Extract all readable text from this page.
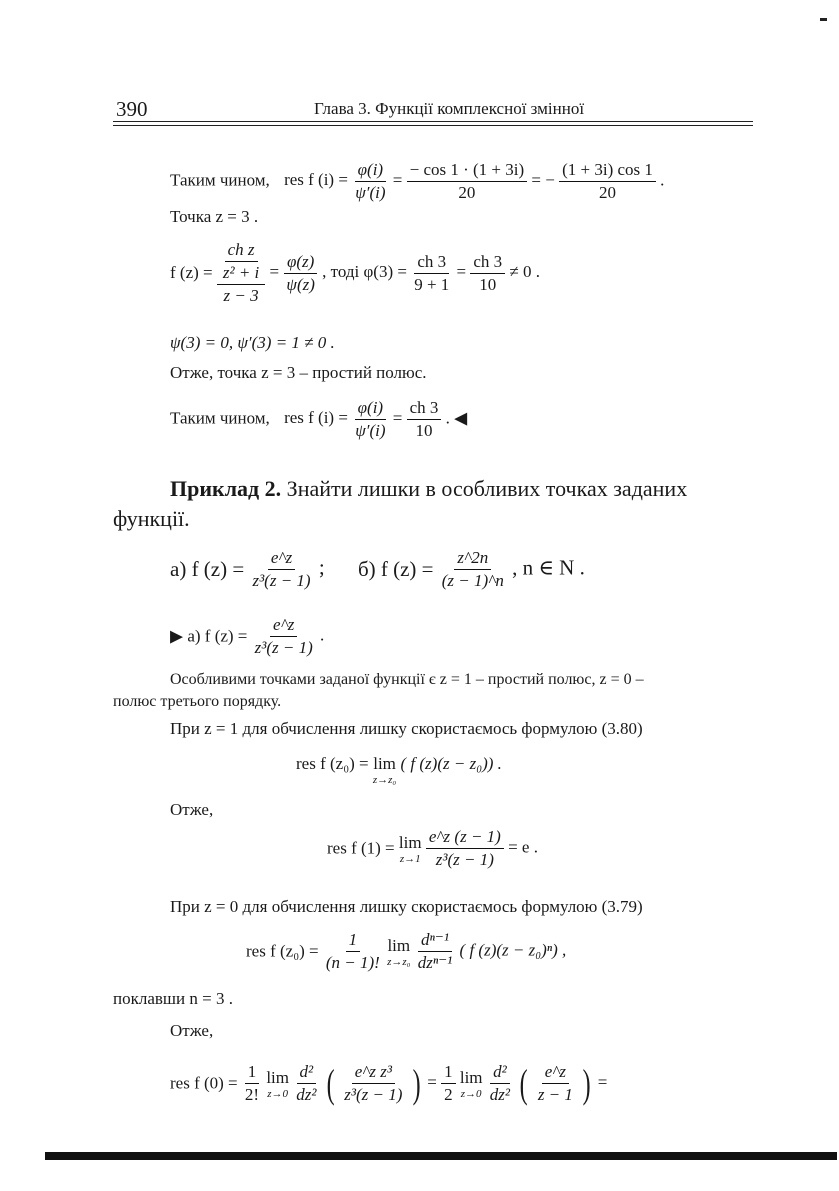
390	Глава 3. Функції комплексної змінної
Таким чином, res f $(i) = \frac{\varphi(i)}{\psi'(i)} = \frac{- \cos 1 \cdot (1 + 3i)}{20}$ = − $\frac{(1 + 3i) \cos 1}{20}$ .
Точка z = 3 .
f $(z) = \frac{\frac{\text{ch z}}{\text{z² + i}}}{z - 3} = \frac{\varphi(z)}{\psi(z)}$ , тоді $\varphi(3) = \frac{ch 3}{9 + 1} = \frac{ch 3}{10} \ne 0$ .
ψ(3) = 0, ψ′(3) = 1 ≠ 0 .
Отже, точка z = 3 – простий полюс.
Таким чином, res f $(i) = \frac{\varphi(i)}{\psi'(i)} = \frac{ch 3}{10}$ . ◀
Приклад 2. Знайти лишки в особливих точках заданих
функції.
а) f $(z) = \frac{e\^{}z}{\text{z³(z − 1)}}$ ; б) f $(z) = \frac{z\^{}2n}{(z - 1)\^{}n}$ , n ∈ N .
▶ а) f $(z) = \frac{e\^{}z}{\text{z³(z − 1)}}$ .
Особливими точками заданої функції є z = 1 – простий полюс, z = 0 –
полюс третього порядку.
При z = 1 для обчислення лишку скористаємось формулою (3.80)
res f (z₀) = lim
z→z₀
( f (z)(z − z₀)) .
Отже,
res f (1) = lim
z→1
$\frac{e\^{}z (z - 1)}{\text{z³(z − 1)}} = e$ .
При z = 0 для обчислення лишку скористаємось формулою (3.79)
res f $(z_0) = \frac{1}{(n - 1)!}$
lim
z→z₀
$\frac{\text{dⁿ⁻¹}}{\text{dzⁿ⁻¹}}$ ( f (z)(z − z₀)ⁿ) ,
поклавши n = 3 .
Отже,
res f $(0) = \frac{1}{2!}$
lim
z→0
$\frac{\text{d²}}{\text{dz²}}$ ( $\frac{\text{e\textasciicircum{}z z³}}{\text{z³(z − 1)}}$ ) = $\frac{1}{2}$
lim
z→0
$\frac{\text{d²}}{\text{dz²}}$ ( $\frac{e\^{}z}{z - 1}$ ) =
